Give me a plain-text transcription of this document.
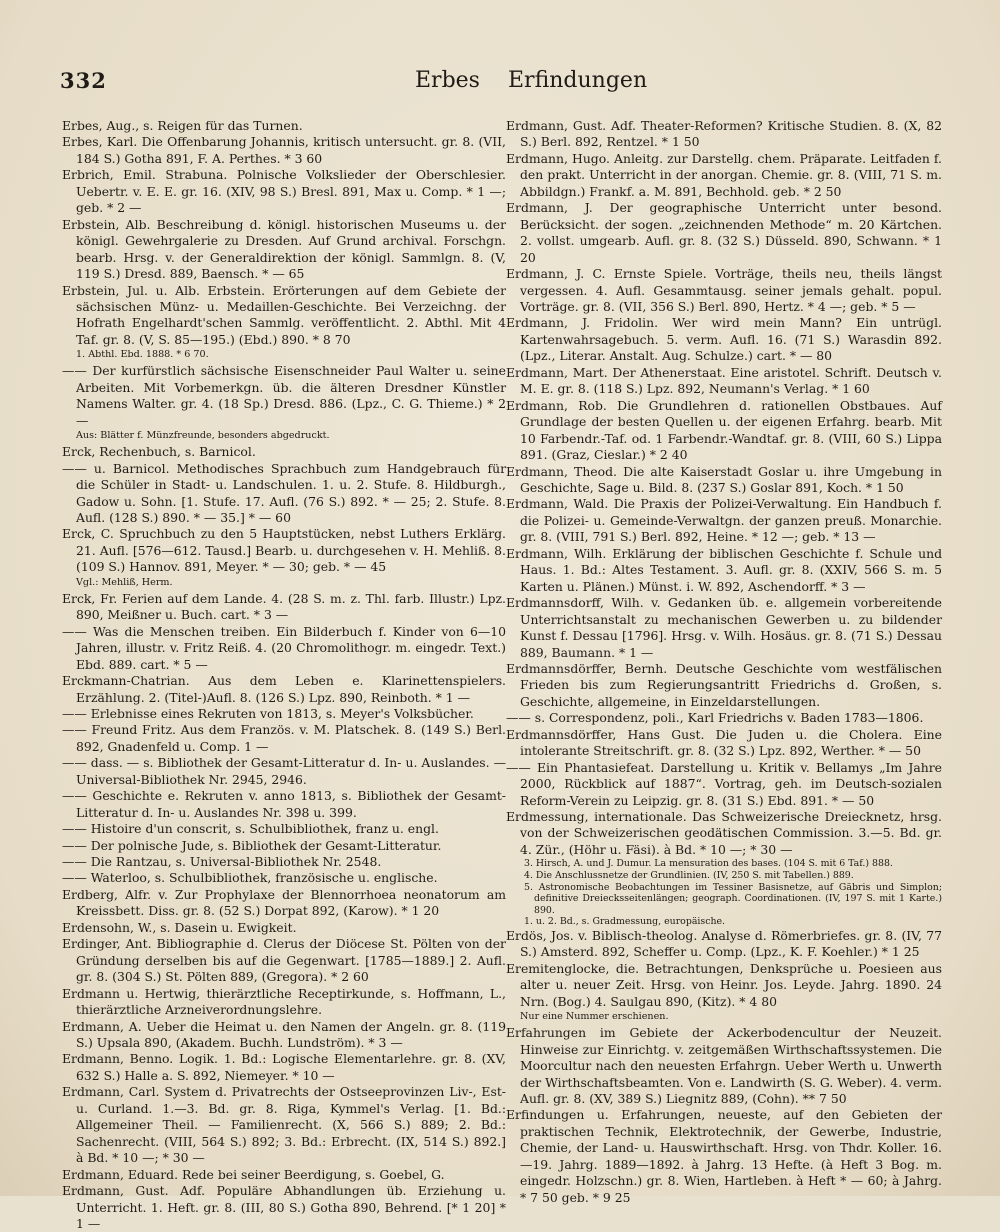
332	Erbes Erfindungen

Erbes, Aug., s. Reigen für das Turnen.

Erbes, Karl. Die Offenbarung Johannis, kritisch untersucht. gr. 8. (VII, 184 S.) Gotha 891, F. A. Perthes. * 3 60

Erbrich, Emil. Strabuna. Polnische Volkslieder der Oberschlesier. Uebertr. v. E. E. gr. 16. (XIV, 98 S.) Bresl. 891, Max u. Comp. * 1 —; geb. * 2 —

Erbstein, Alb. Beschreibung d. königl. historischen Museums u. der königl. Gewehrgalerie zu Dresden. Auf Grund archival. Forschgn. bearb. Hrsg. v. der Generaldirektion der königl. Sammlgn. 8. (V, 119 S.) Dresd. 889, Baensch. * — 65

Erbstein, Jul. u. Alb. Erbstein. Erörterungen auf dem Gebiete der sächsischen Münz- u. Medaillen-Geschichte. Bei Verzeichng. der Hofrath Engelhardt'schen Sammlg. veröffentlicht. 2. Abthl. Mit 4 Taf. gr. 8. (V, S. 85—195.) (Ebd.) 890. * 8 70

1. Abthl. Ebd. 1888. * 6 70.

—— Der kurfürstlich sächsische Eisenschneider Paul Walter u. seine Arbeiten. Mit Vorbemerkgn. üb. die älteren Dresdner Künstler Namens Walter. gr. 4. (18 Sp.) Dresd. 886. (Lpz., C. G. Thieme.) * 2 —

Aus: Blätter f. Münzfreunde, besonders abgedruckt.

Erck, Rechenbuch, s. Barnicol.

—— u. Barnicol. Methodisches Sprachbuch zum Handgebrauch für die Schüler in Stadt- u. Landschulen. 1. u. 2. Stufe. 8. Hildburgh., Gadow u. Sohn. [1. Stufe. 17. Aufl. (76 S.) 892. * — 25; 2. Stufe. 8. Aufl. (128 S.) 890. * — 35.] * — 60

Erck, C. Spruchbuch zu den 5 Hauptstücken, nebst Luthers Erklärg. 21. Aufl. [576—612. Tausd.] Bearb. u. durchgesehen v. H. Mehliß. 8. (109 S.) Hannov. 891, Meyer. * — 30; geb. * — 45

Vgl.: Mehliß, Herm.

Erck, Fr. Ferien auf dem Lande. 4. (28 S. m. z. Thl. farb. Illustr.) Lpz. 890, Meißner u. Buch. cart. * 3 —

—— Was die Menschen treiben. Ein Bilderbuch f. Kinder von 6—10 Jahren, illustr. v. Fritz Reiß. 4. (20 Chromolithogr. m. eingedr. Text.) Ebd. 889. cart. * 5 —

Erckmann-Chatrian. Aus dem Leben e. Klarinettenspielers. Erzählung. 2. (Titel-)Aufl. 8. (126 S.) Lpz. 890, Reinboth. * 1 —

—— Erlebnisse eines Rekruten von 1813, s. Meyer's Volksbücher.

—— Freund Fritz. Aus dem Französ. v. M. Platschek. 8. (149 S.) Berl. 892, Gnadenfeld u. Comp. 1 —

—— dass. — s. Bibliothek der Gesamt-Litteratur d. In- u. Auslandes. — Universal-Bibliothek Nr. 2945, 2946.

—— Geschichte e. Rekruten v. anno 1813, s. Bibliothek der Gesamt-Litteratur d. In- u. Auslandes Nr. 398 u. 399.

—— Histoire d'un conscrit, s. Schulbibliothek, franz u. engl.

—— Der polnische Jude, s. Bibliothek der Gesamt-Litteratur.

—— Die Rantzau, s. Universal-Bibliothek Nr. 2548.

—— Waterloo, s. Schulbibliothek, französische u. englische.

Erdberg, Alfr. v. Zur Prophylaxe der Blennorrhoea neonatorum am Kreissbett. Diss. gr. 8. (52 S.) Dorpat 892, (Karow). * 1 20

Erdensohn, W., s. Dasein u. Ewigkeit.

Erdinger, Ant. Bibliographie d. Clerus der Diöcese St. Pölten von der Gründung derselben bis auf die Gegenwart. [1785—1889.] 2. Aufl. gr. 8. (304 S.) St. Pölten 889, (Gregora). * 2 60

Erdmann u. Hertwig, thierärztliche Receptirkunde, s. Hoffmann, L., thierärztliche Arzneiverordnungslehre.

Erdmann, A. Ueber die Heimat u. den Namen der Angeln. gr. 8. (119 S.) Upsala 890, (Akadem. Buchh. Lundström). * 3 —

Erdmann, Benno. Logik. 1. Bd.: Logische Elementarlehre. gr. 8. (XV, 632 S.) Halle a. S. 892, Niemeyer. * 10 —

Erdmann, Carl. System d. Privatrechts der Ostseeprovinzen Liv-, Est- u. Curland. 1.—3. Bd. gr. 8. Riga, Kymmel's Verlag. [1. Bd.: Allgemeiner Theil. — Familienrecht. (X, 566 S.) 889; 2. Bd.: Sachenrecht. (VIII, 564 S.) 892; 3. Bd.: Erbrecht. (IX, 514 S.) 892.] à Bd. * 10 —; * 30 —

Erdmann, Eduard. Rede bei seiner Beerdigung, s. Goebel, G.

Erdmann, Gust. Adf. Populäre Abhandlungen üb. Erziehung u. Unterricht. 1. Heft. gr. 8. (III, 80 S.) Gotha 890, Behrend. [* 1 20] * 1 —

Erdmann, Gust. Adf. Theater-Reformen? Kritische Studien. 8. (X, 82 S.) Berl. 892, Rentzel. * 1 50

Erdmann, Hugo. Anleitg. zur Darstellg. chem. Präparate. Leitfaden f. den prakt. Unterricht in der anorgan. Chemie. gr. 8. (VIII, 71 S. m. Abbildgn.) Frankf. a. M. 891, Bechhold. geb. * 2 50

Erdmann, J. Der geographische Unterricht unter besond. Berücksicht. der sogen. „zeichnenden Methode“ m. 20 Kärtchen. 2. vollst. umgearb. Aufl. gr. 8. (32 S.) Düsseld. 890, Schwann. * 1 20

Erdmann, J. C. Ernste Spiele. Vorträge, theils neu, theils längst vergessen. 4. Aufl. Gesammtausg. seiner jemals gehalt. popul. Vorträge. gr. 8. (VII, 356 S.) Berl. 890, Hertz. * 4 —; geb. * 5 —

Erdmann, J. Fridolin. Wer wird mein Mann? Ein untrügl. Kartenwahrsagebuch. 5. verm. Aufl. 16. (71 S.) Warasdin 892. (Lpz., Literar. Anstalt. Aug. Schulze.) cart. * — 80

Erdmann, Mart. Der Athenerstaat. Eine aristotel. Schrift. Deutsch v. M. E. gr. 8. (118 S.) Lpz. 892, Neumann's Verlag. * 1 60

Erdmann, Rob. Die Grundlehren d. rationellen Obstbaues. Auf Grundlage der besten Quellen u. der eigenen Erfahrg. bearb. Mit 10 Farbendr.-Taf. od. 1 Farbendr.-Wandtaf. gr. 8. (VIII, 60 S.) Lippa 891. (Graz, Cieslar.) * 2 40

Erdmann, Theod. Die alte Kaiserstadt Goslar u. ihre Umgebung in Geschichte, Sage u. Bild. 8. (237 S.) Goslar 891, Koch. * 1 50

Erdmann, Wald. Die Praxis der Polizei-Verwaltung. Ein Handbuch f. die Polizei- u. Gemeinde-Verwaltgn. der ganzen preuß. Monarchie. gr. 8. (VIII, 791 S.) Berl. 892, Heine. * 12 —; geb. * 13 —

Erdmann, Wilh. Erklärung der biblischen Geschichte f. Schule und Haus. 1. Bd.: Altes Testament. 3. Aufl. gr. 8. (XXIV, 566 S. m. 5 Karten u. Plänen.) Münst. i. W. 892, Aschendorff. * 3 —

Erdmannsdorff, Wilh. v. Gedanken üb. e. allgemein vorbereitende Unterrichtsanstalt zu mechanischen Gewerben u. zu bildender Kunst f. Dessau [1796]. Hrsg. v. Wilh. Hosäus. gr. 8. (71 S.) Dessau 889, Baumann. * 1 —

Erdmannsdörffer, Bernh. Deutsche Geschichte vom westfälischen Frieden bis zum Regierungsantritt Friedrichs d. Großen, s. Geschichte, allgemeine, in Einzeldarstellungen.

—— s. Correspondenz, poli., Karl Friedrichs v. Baden 1783—1806.

Erdmannsdörffer, Hans Gust. Die Juden u. die Cholera. Eine intolerante Streitschrift. gr. 8. (32 S.) Lpz. 892, Werther. * — 50

—— Ein Phantasiefeat. Darstellung u. Kritik v. Bellamys „Im Jahre 2000, Rückblick auf 1887“. Vortrag, geh. im Deutsch-sozialen Reform-Verein zu Leipzig. gr. 8. (31 S.) Ebd. 891. * — 50

Erdmessung, internationale. Das Schweizerische Dreiecknetz, hrsg. von der Schweizerischen geodätischen Commission. 3.—5. Bd. gr. 4. Zür., (Höhr u. Fäsi). à Bd. * 10 —; * 30 —

3. Hirsch, A. und J. Dumur. La mensuration des bases. (104 S. mit 6 Taf.) 888.

4. Die Anschlussnetze der Grundlinien. (IV, 250 S. mit Tabellen.) 889.

5. Astronomische Beobachtungen im Tessiner Basisnetze, auf Gäbris und Simplon; definitive Dreiecksseitenlängen; geograph. Coordinationen. (IV, 197 S. mit 1 Karte.) 890.

1. u. 2. Bd., s. Gradmessung, europäische.

Erdös, Jos. v. Biblisch-theolog. Analyse d. Römerbriefes. gr. 8. (IV, 77 S.) Amsterd. 892, Scheffer u. Comp. (Lpz., K. F. Koehler.) * 1 25

Eremitenglocke, die. Betrachtungen, Denksprüche u. Poesieen aus alter u. neuer Zeit. Hrsg. von Heinr. Jos. Leyde. Jahrg. 1890. 24 Nrn. (Bog.) 4. Saulgau 890, (Kitz). * 4 80

Nur eine Nummer erschienen.

Erfahrungen im Gebiete der Ackerbodencultur der Neuzeit. Hinweise zur Einrichtg. v. zeitgemäßen Wirthschaftssystemen. Die Moorcultur nach den neuesten Erfahrgn. Ueber Werth u. Unwerth der Wirthschaftsbeamten. Von e. Landwirth (S. G. Weber). 4. verm. Aufl. gr. 8. (XV, 389 S.) Liegnitz 889, (Cohn). ** 7 50

Erfindungen u. Erfahrungen, neueste, auf den Gebieten der praktischen Technik, Elektrotechnik, der Gewerbe, Industrie, Chemie, der Land- u. Hauswirthschaft. Hrsg. von Thdr. Koller. 16.—19. Jahrg. 1889—1892. à Jahrg. 13 Hefte. (à Heft 3 Bog. m. eingedr. Holzschn.) gr. 8. Wien, Hartleben. à Heft * — 60; à Jahrg. * 7 50 geb. * 9 25
